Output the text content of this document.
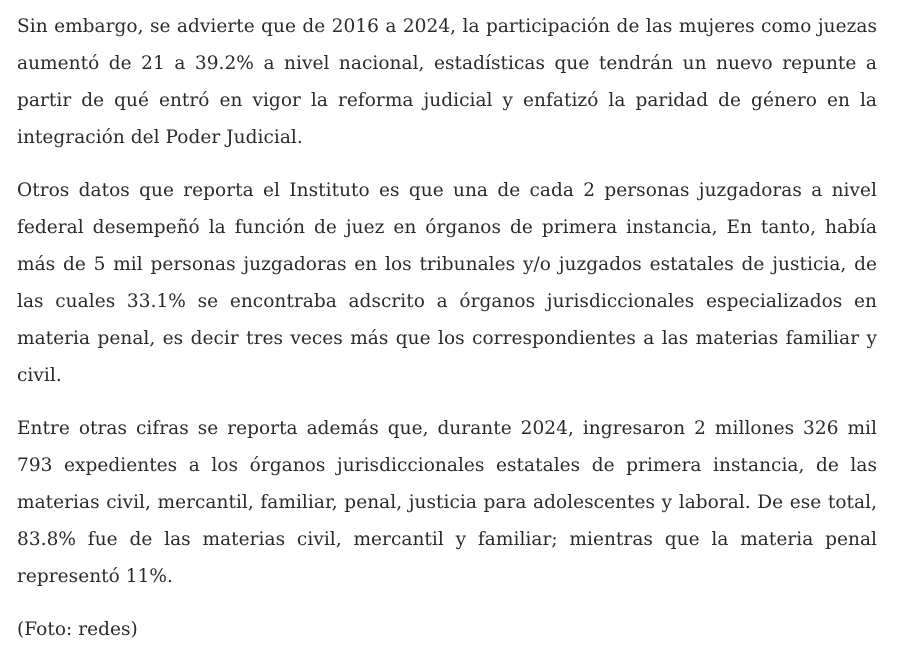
Sin embargo, se advierte que de 2016 a 2024, la participación de las mujeres como juezas aumentó de 21 a 39.2% a nivel nacional, estadísticas que tendrán un nuevo repunte a partir de qué entró en vigor la reforma judicial y enfatizó la paridad de género en la integración del Poder Judicial.

Otros datos que reporta el Instituto es que una de cada 2 personas juzgadoras a nivel federal desempeñó la función de juez en órganos de primera instancia, En tanto, había más de 5 mil personas juzgadoras en los tribunales y/o juzgados estatales de justicia, de las cuales 33.1% se encontraba adscrito a órganos jurisdiccionales especializados en materia penal, es decir tres veces más que los correspondientes a las materias familiar y civil.

Entre otras cifras se reporta además que, durante 2024, ingresaron 2 millones 326 mil 793 expedientes a los órganos jurisdiccionales estatales de primera instancia, de las materias civil, mercantil, familiar, penal, justicia para adolescentes y laboral. De ese total, 83.8% fue de las materias civil, mercantil y familiar; mientras que la materia penal representó 11%.

(Foto: redes)
